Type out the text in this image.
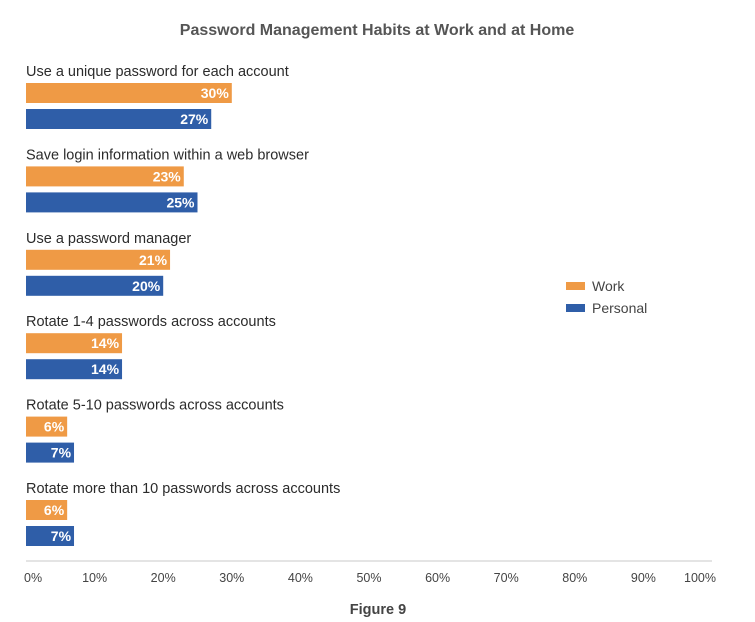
Password Management Habits at Work and at Home
Use a unique password for each account
30%
27%
Save login information within a web browser
23%
25%
Use a password manager
21%
20%
Rotate 1-4 passwords across accounts
14%
14%
Rotate 5-10 passwords across accounts
6%
7%
Rotate more than 10 passwords across accounts
6%
7%
0%	10%	20%	30%	40%	50%	60%	70%	80%	90% 100%
Work
Personal
Figure 9
